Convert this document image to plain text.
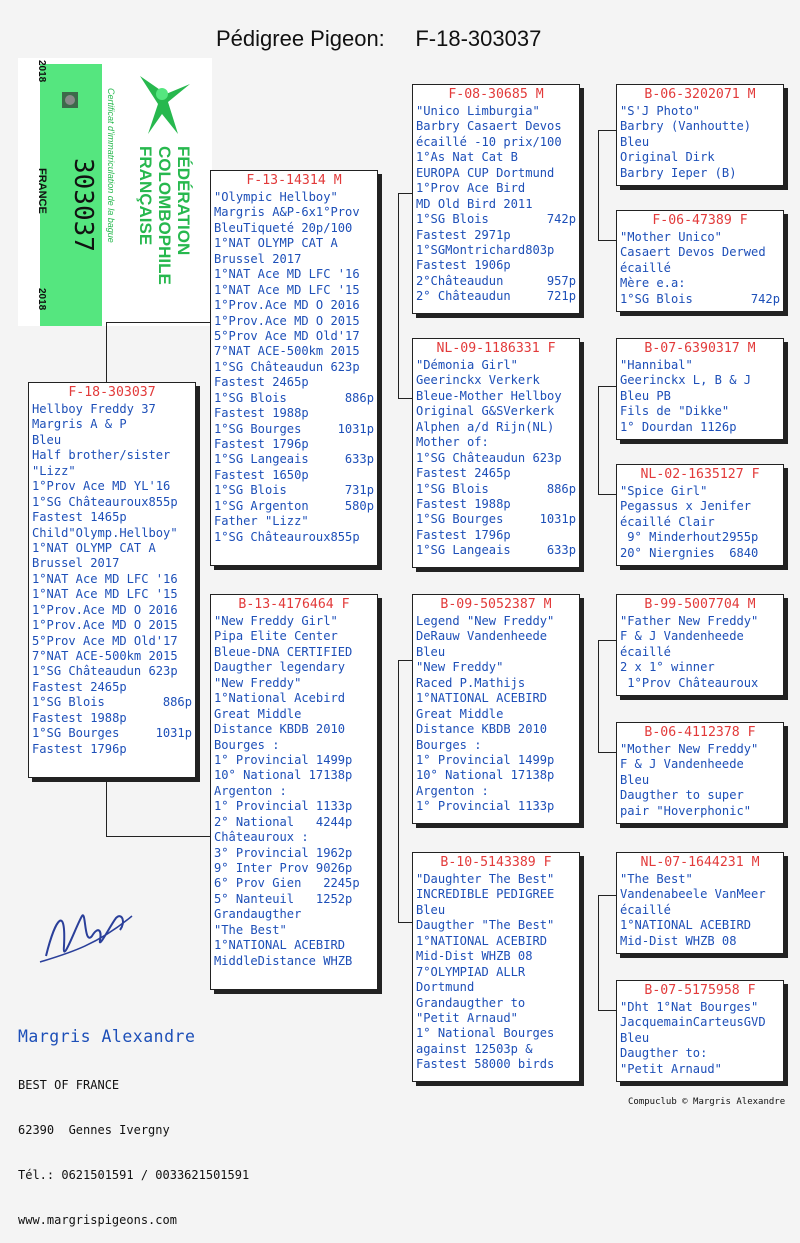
Pédigree Pigeon:     F-18-303037
2018
FRANCE
2018
303037 Certificat d'immatriculation de la bague	FÉDÉRATION
COLOMBOPHILE
FRANÇAISE
F-18-303037
Hellboy Freddy 37
Margris A & P
Bleu
Half brother/sister
"Lizz"
1°Prov Ace MD YL'16
1°SG Châteauroux855p
Fastest 1465p
Child"Olymp.Hellboy"
1°NAT OLYMP CAT A
Brussel 2017
1°NAT Ace MD LFC '16
1°NAT Ace MD LFC '15
1°Prov.Ace MD O 2016
1°Prov.Ace MD O 2015
5°Prov Ace MD Old'17
7°NAT ACE-500km 2015
1°SG Châteaudun 623p
Fastest 2465p
1°SG Blois	886p
Fastest 1988p
1°SG Bourges	1031p
Fastest 1796p
F-13-14314 M
"Olympic Hellboy"
Margris A&P-6x1°Prov
BleuTiqueté 20p/100
1°NAT OLYMP CAT A
Brussel 2017
1°NAT Ace MD LFC '16
1°NAT Ace MD LFC '15
1°Prov.Ace MD O 2016
1°Prov.Ace MD O 2015
5°Prov Ace MD Old'17
7°NAT ACE-500km 2015
1°SG Châteaudun 623p
Fastest 2465p
1°SG Blois	886p
Fastest 1988p
1°SG Bourges	1031p
Fastest 1796p
1°SG Langeais	633p
Fastest 1650p
1°SG Blois	731p
1°SG Argenton	580p
Father "Lizz"
1°SG Châteauroux855p
B-13-4176464 F
"New Freddy Girl"
Pipa Elite Center
Bleue-DNA CERTIFIED
Daugther legendary
"New Freddy"
1°National Acebird
Great Middle
Distance KBDB 2010
Bourges :
1° Provincial 1499p
10° National 17138p
Argenton :
1° Provincial 1133p
2° National   4244p
Châteauroux :
3° Provincial 1962p
9° Inter Prov 9026p
6° Prov Gien   2245p
5° Nanteuil   1252p
Grandaugther
"The Best"
1°NATIONAL ACEBIRD
MiddleDistance WHZB
F-08-30685 M
"Unico Limburgia"
Barbry Casaert Devos
écaillé -10 prix/100
1°As Nat Cat B
EUROPA CUP Dortmund
1°Prov Ace Bird
MD Old Bird 2011
1°SG Blois	742p
Fastest 2971p
1°SGMontrichard803p
Fastest 1906p
2°Châteaudun	957p
2° Châteaudun	721p
NL-09-1186331 F
"Démonia Girl"
Geerinckx Verkerk
Bleue-Mother Hellboy
Original G&SVerkerk
Alphen a/d Rijn(NL)
Mother of:
1°SG Châteaudun 623p
Fastest 2465p
1°SG Blois	886p
Fastest 1988p
1°SG Bourges	1031p
Fastest 1796p
1°SG Langeais	633p
B-09-5052387 M
Legend "New Freddy"
DeRauw Vandenheede
Bleu
"New Freddy"
Raced P.Mathijs
1°NATIONAL ACEBIRD
Great Middle
Distance KBDB 2010
Bourges :
1° Provincial 1499p
10° National 17138p
Argenton :
1° Provincial 1133p
B-10-5143389 F
"Daughter The Best"
INCREDIBLE PEDIGREE
Bleu
Daugther "The Best"
1°NATIONAL ACEBIRD
Mid-Dist WHZB 08
7°OLYMPIAD ALLR
Dortmund
Grandaugther to
"Petit Arnaud"
1° National Bourges
against 12503p &
Fastest 58000 birds
B-06-3202071 M
"S'J Photo"
Barbry (Vanhoutte)
Bleu
Original Dirk
Barbry Ieper (B)
F-06-47389 F
"Mother Unico"
Casaert Devos Derwed
écaillé
Mère e.a:
1°SG Blois	742p
B-07-6390317 M
"Hannibal"
Geerinckx L, B & J
Bleu PB
Fils de "Dikke"
1° Dourdan 1126p
NL-02-1635127 F
"Spice Girl"
Pegassus x Jenifer
écaillé Clair
9° Minderhout2955p
20° Niergnies  6840
B-99-5007704 M
"Father New Freddy"
F & J Vandenheede
écaillé
2 x 1° winner
1°Prov Châteauroux
B-06-4112378 F
"Mother New Freddy"
F & J Vandenheede
Bleu
Daugther to super
pair "Hoverphonic"
NL-07-1644231 M
"The Best"
Vandenabeele VanMeer
écaillé
1°NATIONAL ACEBIRD
Mid-Dist WHZB 08
B-07-5175958 F
"Dht 1°Nat Bourges"
JacquemainCarteusGVD
Bleu
Daugther to:
"Petit Arnaud"

Margris Alexandre

BEST OF FRANCE

62390  Gennes Ivergny

Tél.: 0621501591 / 0033621501591

www.margrispigeons.com

Compuclub © Margris Alexandre
